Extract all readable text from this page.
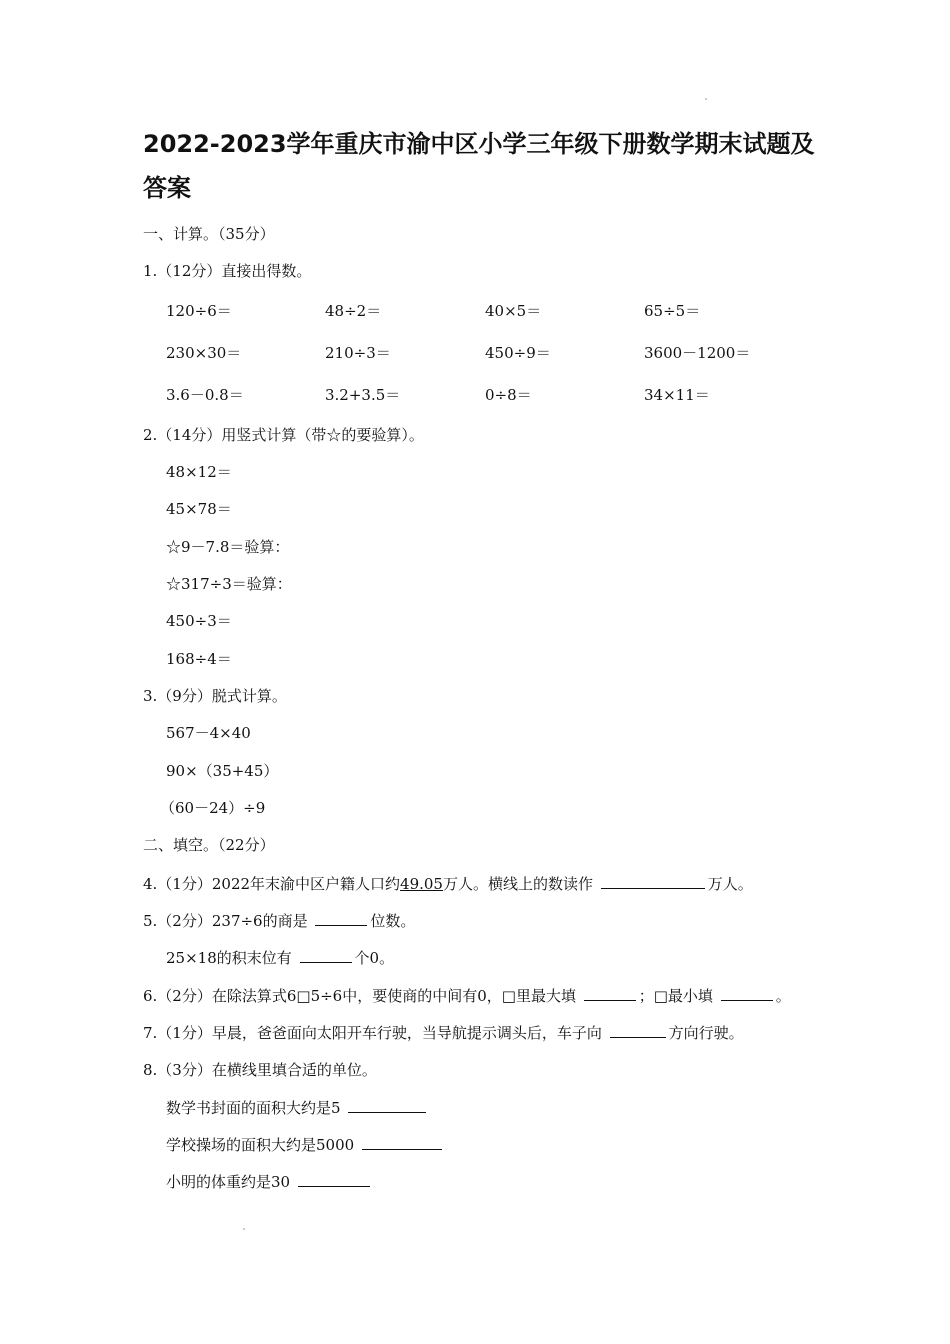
2022-2023学年重庆市渝中区小学三年级下册数学期末试题及答案
一、计算。（35分）
1.（12分）直接出得数。
120÷6＝	48÷2＝	40×5＝	65÷5＝
230×30＝	210÷3＝	450÷9＝	3600－1200＝
3.6－0.8＝	3.2+3.5＝	0÷8＝	34×11＝
2.（14分）用竖式计算（带☆的要验算）。
48×12＝
45×78＝
☆9－7.8＝验算：
☆317÷3＝验算：
450÷3＝
168÷4＝
3.（9分）脱式计算。
567－4×40
90×（35+45）
（60－24）÷9
二、填空。（22分）
4.（1分）2022年末渝中区户籍人口约49.05万人。横线上的数读作	万人。
5.（2分）237÷6的商是	位数。
25×18的积末位有	个0。
6.（2分）在除法算式6□5÷6中，要使商的中间有0，□里最大填	；□最小填	。
7.（1分）早晨，爸爸面向太阳开车行驶，当导航提示调头后，车子向	方向行驶。
8.（3分）在横线里填合适的单位。
数学书封面的面积大约是5
学校操场的面积大约是5000
小明的体重约是30
